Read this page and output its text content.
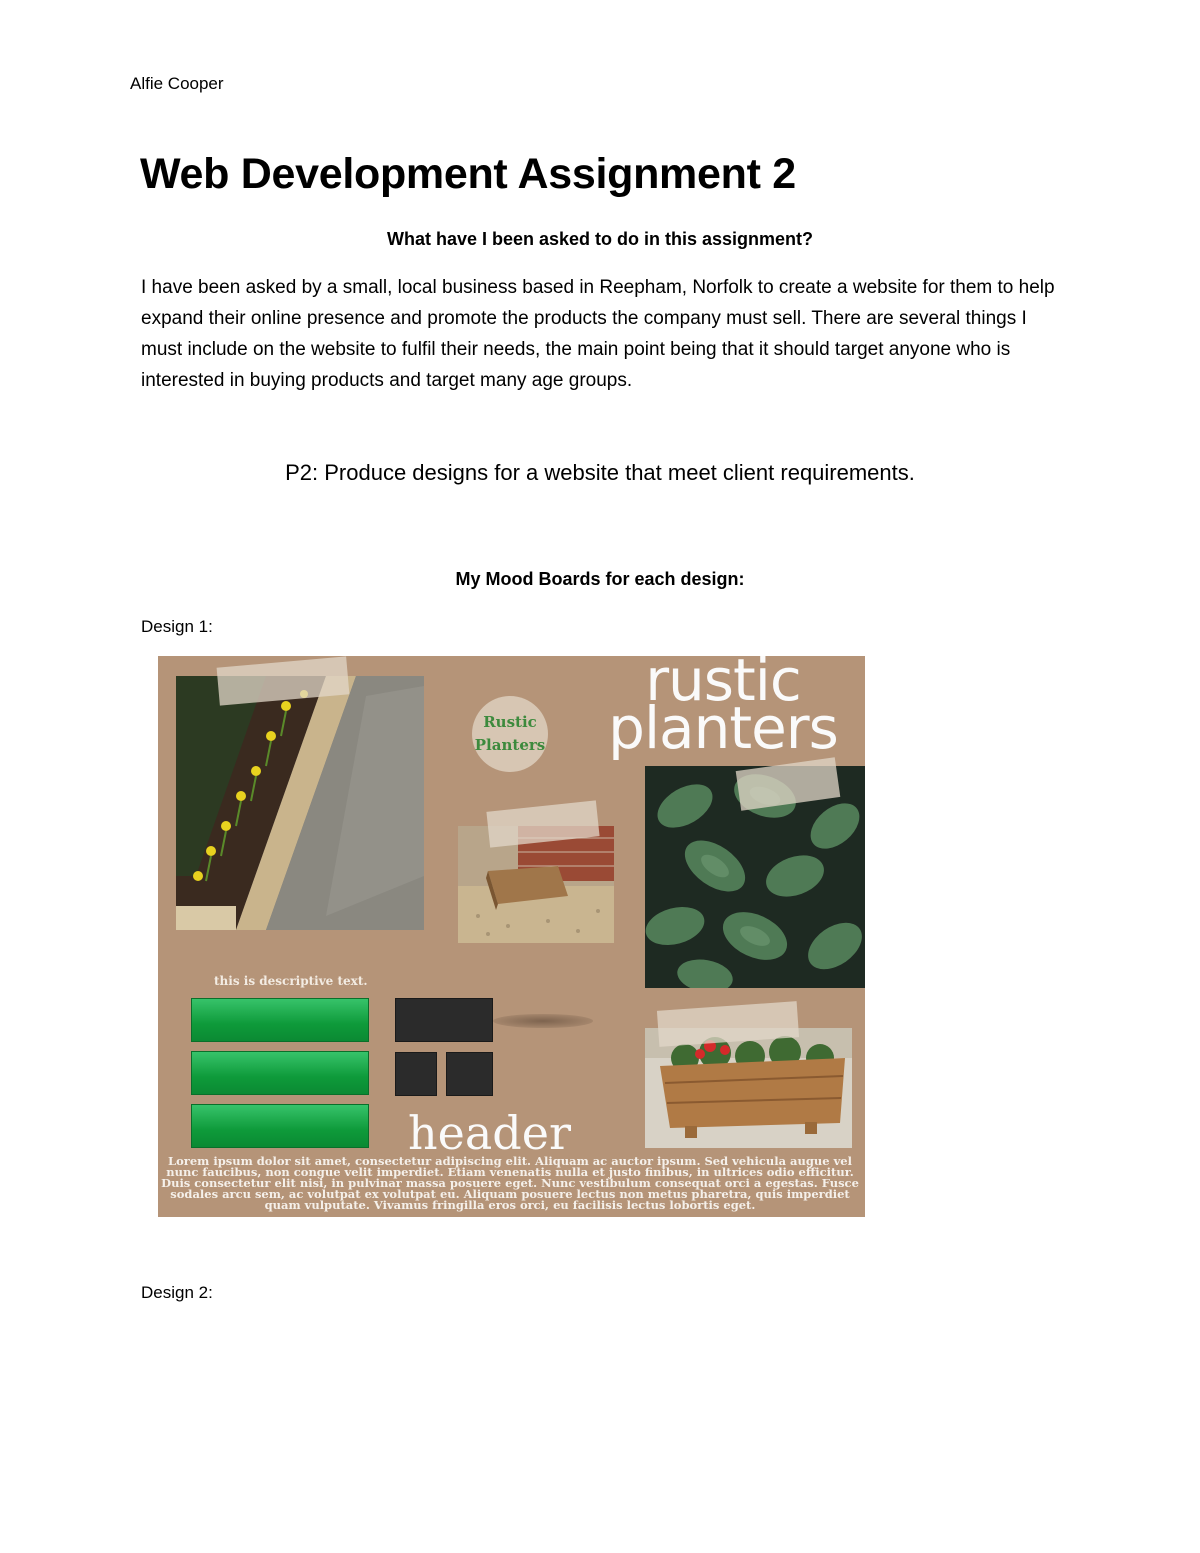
Alfie Cooper
Web Development Assignment 2
What have I been asked to do in this assignment?
I have been asked by a small, local business based in Reepham, Norfolk to create a website for them to help expand their online presence and promote the products the company must sell. There are several things I must include on the website to fulfil their needs, the main point being that it should target anyone who is interested in buying products and target many age groups.
P2: Produce designs for a website that meet client requirements.
My Mood Boards for each design:
Design 1:
Rustic
Planters
rustic
planters
this is descriptive text.
header
Lorem ipsum dolor sit amet, consectetur adipiscing elit. Aliquam ac auctor ipsum. Sed vehicula augue vel nunc faucibus, non congue velit imperdiet. Etiam venenatis nulla et justo finibus, in ultrices odio efficitur. Duis consectetur elit nisi, in pulvinar massa posuere eget. Nunc vestibulum consequat orci a egestas. Fusce sodales arcu sem, ac volutpat ex volutpat eu. Aliquam posuere lectus non metus pharetra, quis imperdiet quam vulputate. Vivamus fringilla eros orci, eu facilisis lectus lobortis eget.
Design 2:
